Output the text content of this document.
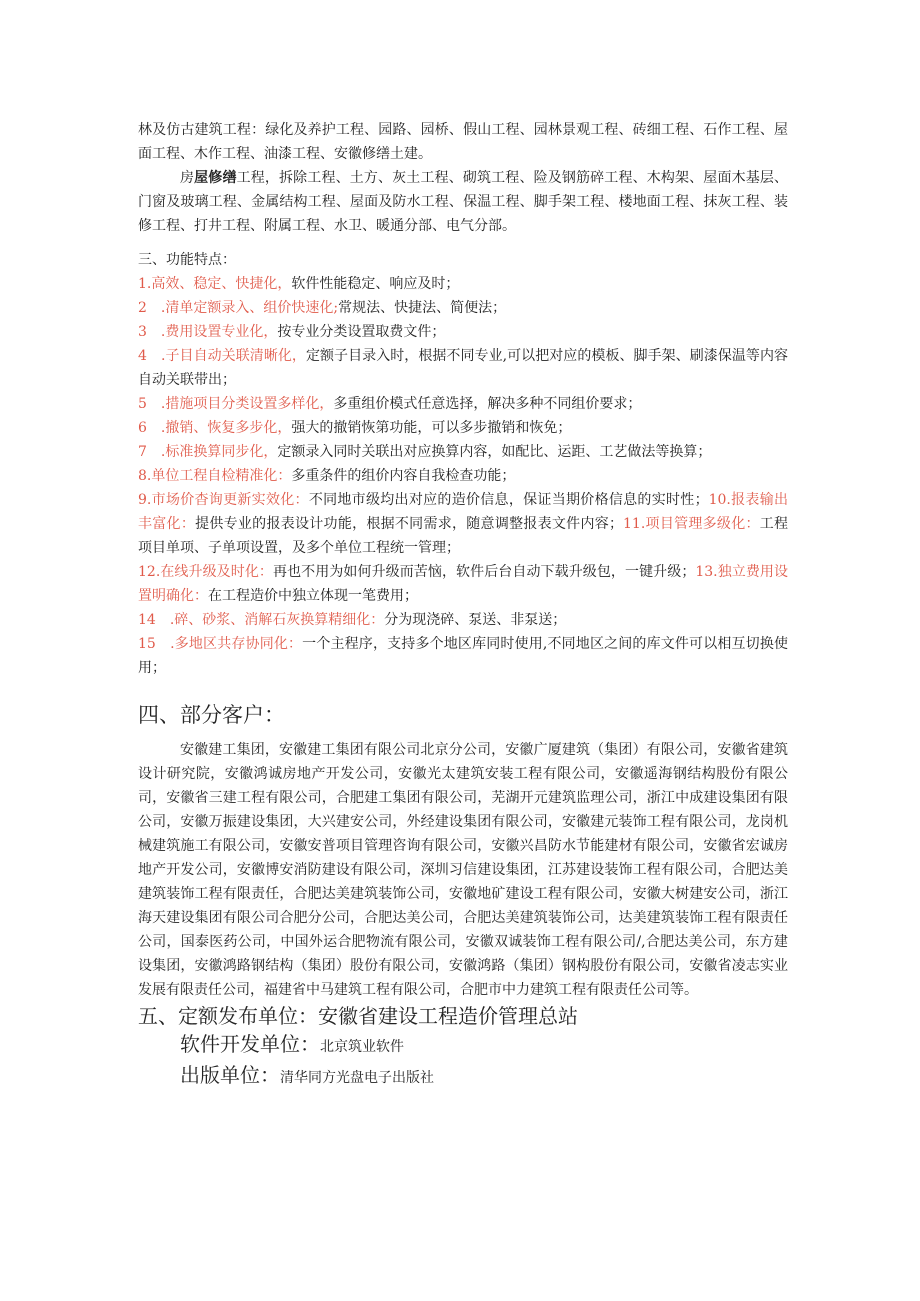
林及仿古建筑工程：绿化及养护工程、园路、园桥、假山工程、园林景观工程、砖细工程、石作工程、屋面工程、木作工程、油漆工程、安徽修缮土建。

房屋修缮工程，拆除工程、土方、灰土工程、砌筑工程、险及钢筋碎工程、木构架、屋面木基层、门窗及玻璃工程、金属结构工程、屋面及防水工程、保温工程、脚手架工程、楼地面工程、抹灰工程、装修工程、打井工程、附属工程、水卫、暖通分部、电气分部。

三、功能特点：

1.高效、稳定、快捷化，软件性能稳定、响应及时；

2　.清单定额录入、组价快速化;常规法、快捷法、简便法；

3　.费用设置专业化，按专业分类设置取费文件；

4　.子目自动关联清晰化，定额子目录入时，根据不同专业,可以把对应的模板、脚手架、刷漆保温等内容自动关联带出；

5　.措施项目分类设置多样化，多重组价模式任意选择，解决多种不同组价要求；

6　.撤销、恢复多步化，强大的撤销恢第功能，可以多步撤销和恢免；

7　.标准换算同步化，定额录入同时关联出对应换算内容，如配比、运距、工艺做法等换算；

8.单位工程自检精准化：多重条件的组价内容自我检查功能；

9.市场价杳询更新实效化：不同地市级均出对应的造价信息，保证当期价格信息的实时性；10.报表输出丰富化：提供专业的报表设计功能，根据不同需求，随意调整报表文件内容；11.项目管理多级化：工程项目单项、子单项设置，及多个单位工程统一管理；

12.在线升级及时化：再也不用为如何升级而苦恼，软件后台自动下载升级包，一键升级；13.独立费用设置明确化：在工程造价中独立体现一笔费用；

14　.碎、砂浆、消解石灰换算精细化：分为现浇碎、泵送、非泵送；

15　.多地区共存协同化：一个主程序，支持多个地区库同时使用,不同地区之间的库文件可以相互切换使用；

四、部分客户：

安徽建工集团，安徽建工集团有限公司北京分公司，安徽广厦建筑（集团）有限公司，安徽省建筑设计研究院，安徽鸿诚房地产开发公司，安徽光太建筑安装工程有限公司，安徽遥海钢结构股份有限公司，安徽省三建工程有限公司，合肥建工集团有限公司，芜湖开元建筑监理公司，浙江中成建设集团有限公司，安徽万振建设集团，大兴建安公司，外经建设集团有限公司，安徽建元装饰工程有限公司，龙岗机械建筑施工有限公司，安徽安普项目管理咨询有限公司，安徽兴昌防水节能建材有限公司，安徽省宏诚房地产开发公司，安徽博安消防建设有限公司，深圳习信建设集团，江苏建设装饰工程有限公司，合肥达美建筑装饰工程有限责任，合肥达美建筑装饰公司，安徽地矿建设工程有限公司，安徽大树建安公司，浙江海天建设集团有限公司合肥分公司，合肥达美公司，合肥达美建筑装饰公司，达美建筑装饰工程有限责任公司，国泰医药公司，中国外运合肥物流有限公司，安徽双诚装饰工程有限公司/,合肥达美公司，东方建设集团，安徽鸿路钢结构（集团）股份有限公司，安徽鸿路（集团）钢构股份有限公司，安徽省凌志实业发展有限责任公司，福建省中马建筑工程有限公司，合肥市中力建筑工程有限责任公司等。

五、定额发布单位：安徽省建设工程造价管理总站

软件开发单位：北京筑业软件

出版单位：清华同方光盘电子出版社
